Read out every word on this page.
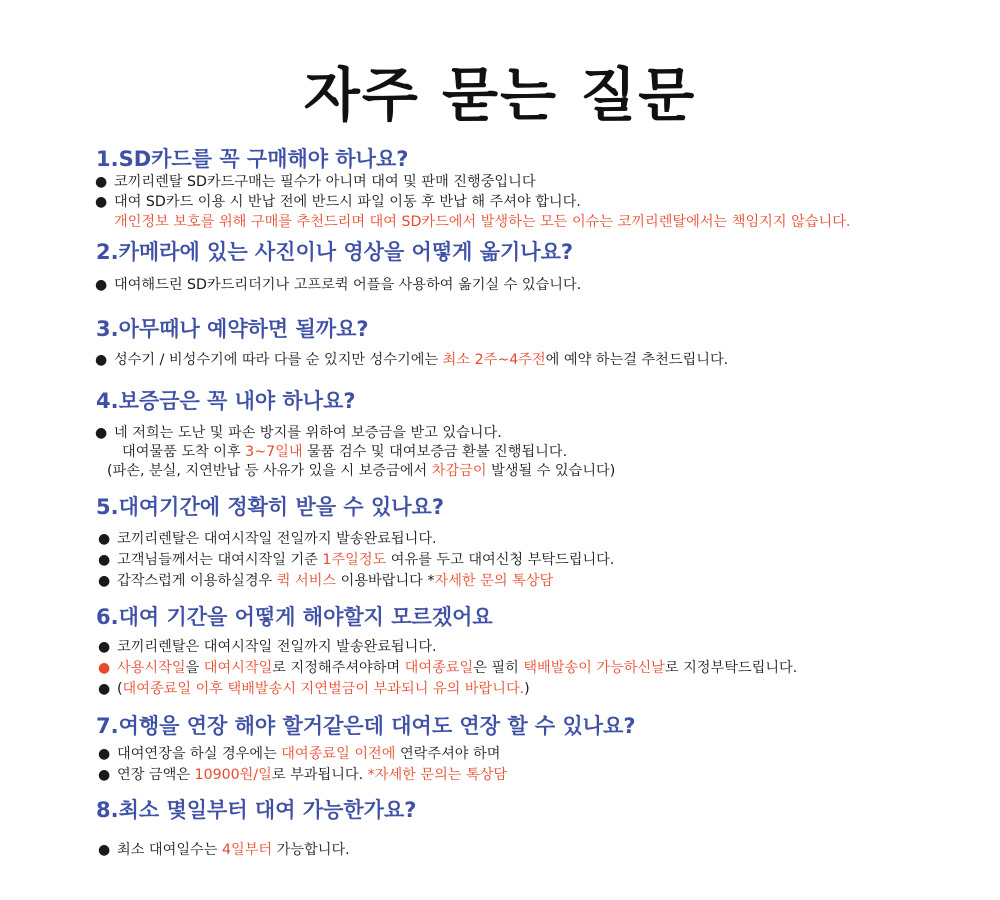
자주 묻는 질문
1.SD카드를 꼭 구매해야 하나요?
● 코끼리렌탈 SD카드구매는 필수가 아니며 대여 및 판매 진행중입니다
● 대여 SD카드 이용 시 반납 전에 반드시 파일 이동 후 반납 해 주셔야 합니다.
개인정보 보호를 위해 구매를 추천드리며 대여 SD카드에서 발생하는 모든 이슈는 코끼리렌탈에서는 책임지지 않습니다.
2.카메라에 있는 사진이나 영상을 어떻게 옮기나요?
● 대여해드린 SD카드리더기나 고프로퀵 어플을 사용하여 옮기실 수 있습니다.
3.아무때나 예약하면 될까요?
● 성수기 / 비성수기에 따라 다를 순 있지만 성수기에는 최소 2주~4주전에 예약 하는걸 추천드립니다.
4.보증금은 꼭 내야 하나요?
● 네 저희는 도난 및 파손 방지를 위하여 보증금을 받고 있습니다.
대여물품 도착 이후 3~7일내 물품 검수 및 대여보증금 환불 진행됩니다.
(파손, 분실, 지연반납 등 사유가 있을 시 보증금에서 차감금이 발생될 수 있습니다)
5.대여기간에 정확히 받을 수 있나요?
● 코끼리렌탈은 대여시작일 전일까지 발송완료됩니다.
● 고객님들께서는 대여시작일 기준 1주일정도 여유를 두고 대여신청 부탁드립니다.
● 갑작스럽게 이용하실경우 퀵 서비스 이용바랍니다 *자세한 문의 톡상담
6.대여 기간을 어떻게 해야할지 모르겠어요
● 코끼리렌탈은 대여시작일 전일까지 발송완료됩니다.
● 사용시작일을 대여시작일로 지정해주셔야하며 대여종료일은 필히 택배발송이 가능하신날로 지정부탁드립니다.
● (대여종료일 이후 택배발송시 지연벌금이 부과되니 유의 바랍니다.)
7.여행을 연장 해야 할거같은데 대여도 연장 할 수 있나요?
● 대여연장을 하실 경우에는 대여종료일 이전에 연락주셔야 하며
● 연장 금액은 10900원/일로 부과됩니다. *자세한 문의는 톡상담
8.최소 몇일부터 대여 가능한가요?
● 최소 대여일수는 4일부터 가능합니다.
